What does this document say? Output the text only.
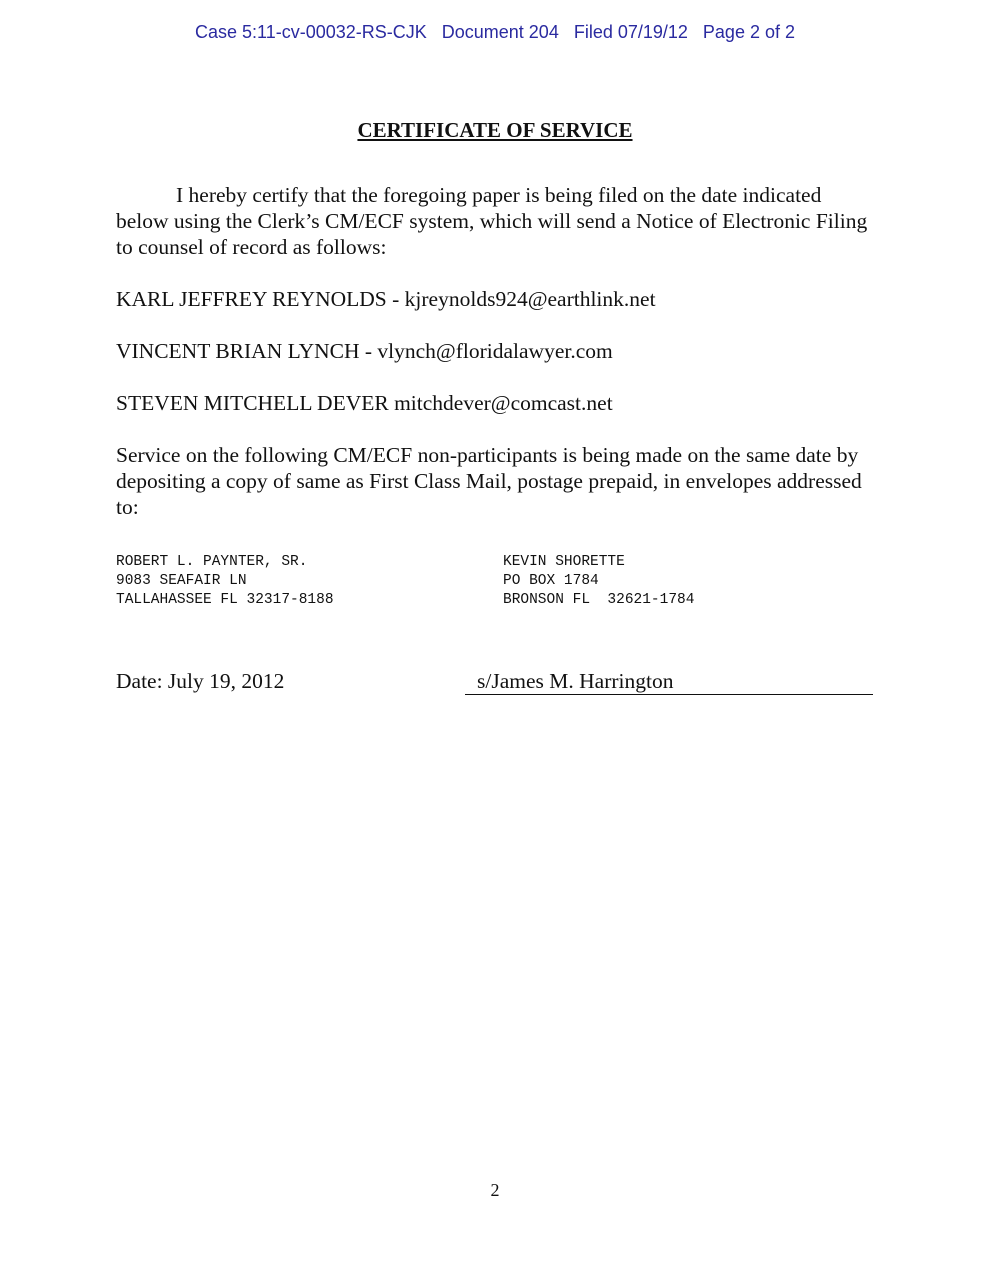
Case 5:11-cv-00032-RS-CJK   Document 204   Filed 07/19/12   Page 2 of 2
CERTIFICATE OF SERVICE
I hereby certify that the foregoing paper is being filed on the date indicated below using the Clerk’s CM/ECF system, which will send a Notice of Electronic Filing to counsel of record as follows:
KARL JEFFREY REYNOLDS - kjreynolds924@earthlink.net
VINCENT BRIAN LYNCH - vlynch@floridalawyer.com
STEVEN MITCHELL DEVER mitchdever@comcast.net
Service on the following CM/ECF non-participants is being made on the same date by depositing a copy of same as First Class Mail, postage prepaid, in envelopes addressed to:
ROBERT L. PAYNTER, SR.
9083 SEAFAIR LN
TALLAHASSEE FL 32317-8188
KEVIN SHORETTE
PO BOX 1784
BRONSON FL  32621-1784
Date: July 19, 2012	s/James M. Harrington
2
